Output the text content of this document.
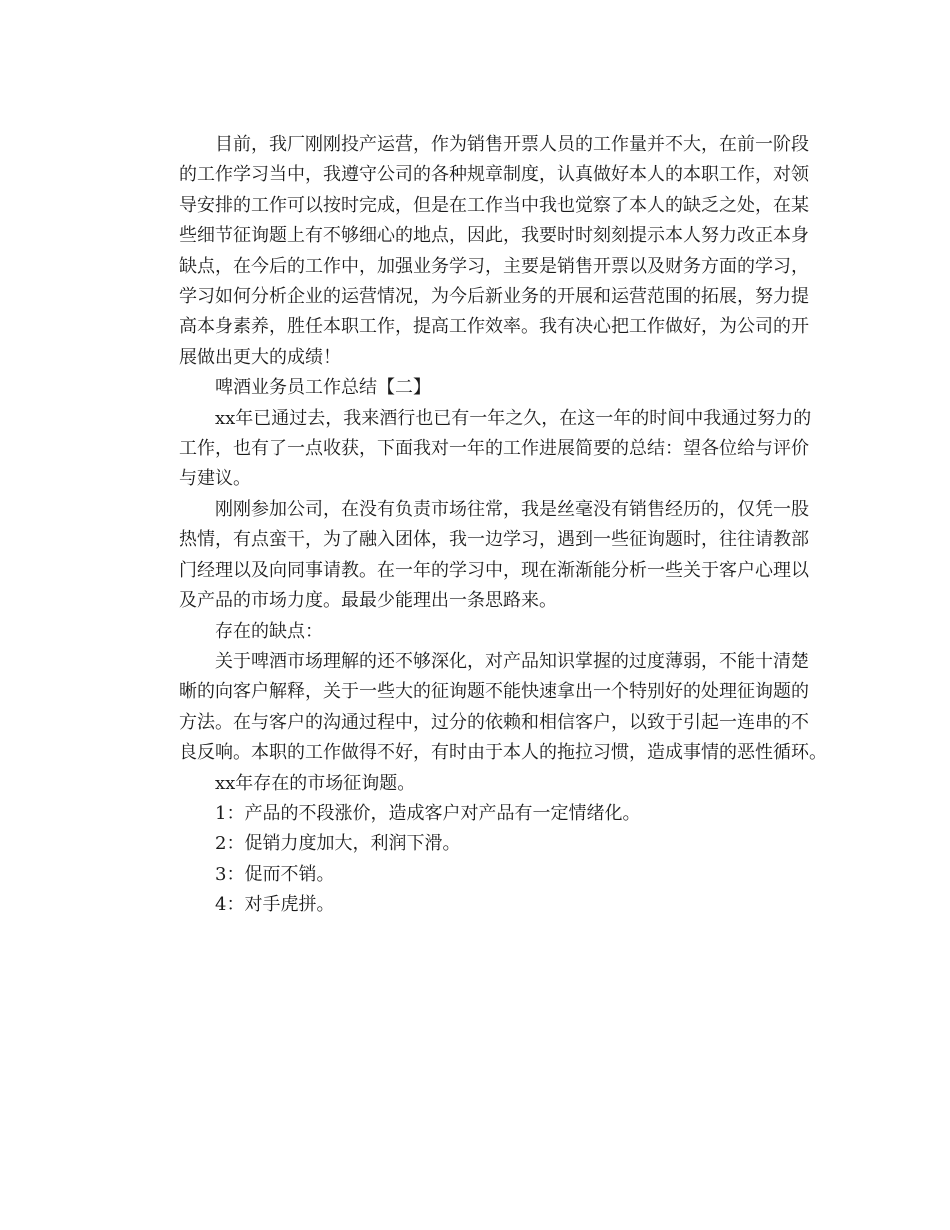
目前，我厂刚刚投产运营，作为销售开票人员的工作量并不大，在前一阶段
的工作学习当中，我遵守公司的各种规章制度，认真做好本人的本职工作，对领
导安排的工作可以按时完成，但是在工作当中我也觉察了本人的缺乏之处，在某
些细节征询题上有不够细心的地点，因此，我要时时刻刻提示本人努力改正本身
缺点，在今后的工作中，加强业务学习，主要是销售开票以及财务方面的学习，
学习如何分析企业的运营情况，为今后新业务的开展和运营范围的拓展，努力提
高本身素养，胜任本职工作，提高工作效率。我有决心把工作做好，为公司的开
展做出更大的成绩！
啤酒业务员工作总结【二】
xx年已通过去，我来酒行也已有一年之久，在这一年的时间中我通过努力的
工作，也有了一点收获，下面我对一年的工作进展简要的总结：望各位给与评价
与建议。
刚刚参加公司，在没有负责市场往常，我是丝毫没有销售经历的，仅凭一股
热情，有点蛮干，为了融入团体，我一边学习，遇到一些征询题时，往往请教部
门经理以及向同事请教。在一年的学习中，现在渐渐能分析一些关于客户心理以
及产品的市场力度。最最少能理出一条思路来。
存在的缺点：
关于啤酒市场理解的还不够深化，对产品知识掌握的过度薄弱，不能十清楚
晰的向客户解释，关于一些大的征询题不能快速拿出一个特别好的处理征询题的
方法。在与客户的沟通过程中，过分的依赖和相信客户，以致于引起一连串的不
良反响。本职的工作做得不好，有时由于本人的拖拉习惯，造成事情的恶性循环。
xx年存在的市场征询题。
1：产品的不段涨价，造成客户对产品有一定情绪化。
2：促销力度加大，利润下滑。
3：促而不销。
4：对手虎拼。
